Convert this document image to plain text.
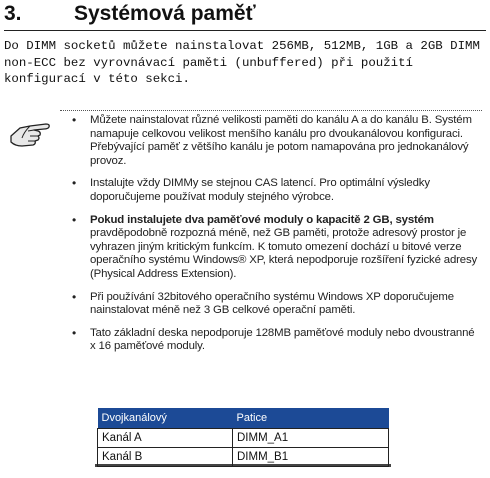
3. Systémová paměť

Do DIMM socketů můžete nainstalovat 256MB, 512MB, 1GB a 2GB DIMM non-ECC bez vyrovnávací paměti (unbuffered) při použití konfigurací v této sekci.

• Můžete nainstalovat různé velikosti paměti do kanálu A a do kanálu B. Systém namapuje celkovou velikost menšího kanálu pro dvoukanálovou konfiguraci. Přebývající paměť z většího kanálu je potom namapována pro jednokanálový provoz.
• Instalujte vždy DIMMy se stejnou CAS latencí. Pro optimální výsledky doporučujeme používat moduly stejného výrobce.
• Pokud instalujete dva paměťové moduly o kapacitě 2 GB, systém pravděpodobně rozpozná méně, než GB paměti, protože adresový prostor je vyhrazen jiným kritickým funkcím. K tomuto omezení dochází u bitové verze operačního systému Windows® XP, která nepodporuje rozšíření fyzické adresy (Physical Address Extension).
• Při používání 32bitového operačního systému Windows XP doporučujeme nainstalovat méně než 3 GB celkové operační paměti.
• Tato základní deska nepodporuje 128MB paměťové moduly nebo dvoustranné x 16 paměťové moduly.
Dvojkanálový	Patice
Kanál A	DIMM_A1
Kanál B	DIMM_B1
